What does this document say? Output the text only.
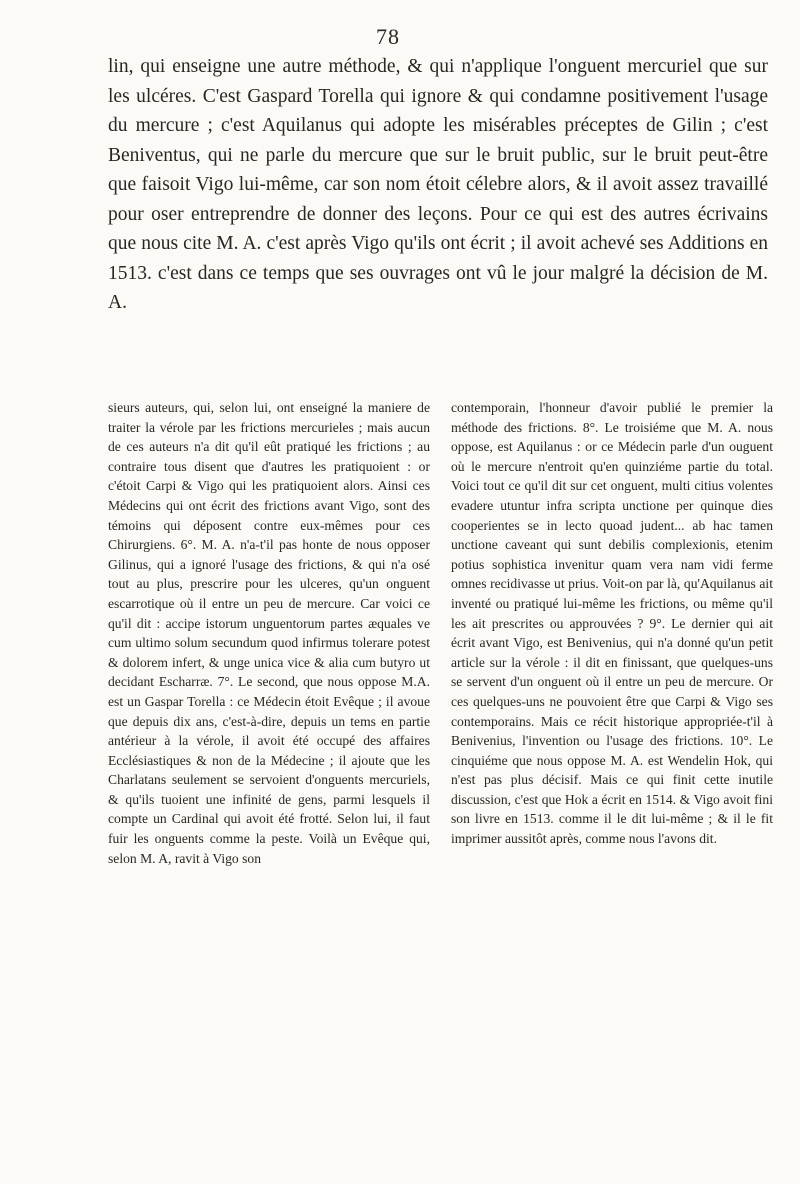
78

lin, qui enseigne une autre méthode, & qui n'applique l'onguent mercuriel que sur les ulcéres. C'est Gaspard Torella qui ignore & qui condamne positivement l'usage du mercure ; c'est Aquilanus qui adopte les misérables préceptes de Gilin ; c'est Beniventus, qui ne parle du mercure que sur le bruit public, sur le bruit peut-être que faisoit Vigo lui-même, car son nom étoit célebre alors, & il avoit assez travaillé pour oser entreprendre de donner des leçons. Pour ce qui est des autres écrivains que nous cite M. A. c'est après Vigo qu'ils ont écrit ; il avoit achevé ses Additions en 1513. c'est dans ce temps que ses ouvrages ont vû le jour malgré la décision de M. A.

sieurs auteurs, qui, selon lui, ont enseigné la maniere de traiter la vérole par les frictions mercurieles ; mais aucun de ces auteurs n'a dit qu'il eût pratiqué les frictions ; au contraire tous disent que d'autres les pratiquoient : or c'étoit Carpi & Vigo qui les pratiquoient alors. Ainsi ces Médecins qui ont écrit des frictions avant Vigo, sont des témoins qui déposent contre eux-mêmes pour ces Chirurgiens. 6°. M. A. n'a-t'il pas honte de nous opposer Gilinus, qui a ignoré l'usage des frictions, & qui n'a osé tout au plus, prescrire pour les ulceres, qu'un onguent escarrotique où il entre un peu de mercure. Car voici ce qu'il dit : accipe istorum unguentorum partes æquales ve cum ultimo solum secundum quod infirmus tolerare potest & dolorem infert, & unge unica vice & alia cum butyro ut decidant Escharræ. 7°. Le second, que nous oppose M.A. est un Gaspar Torella : ce Médecin étoit Evêque ; il avoue que depuis dix ans, c'est-à-dire, depuis un tems en partie antérieur à la vérole, il avoit été occupé des affaires Ecclésiastiques & non de la Médecine ; il ajoute que les Charlatans seulement se servoient d'onguents mercuriels, & qu'ils tuoient une infinité de gens, parmi lesquels il compte un Cardinal qui avoit été frotté. Selon lui, il faut fuir les onguents comme la peste. Voilà un Evêque qui, selon M. A, ravit à Vigo son

contemporain, l'honneur d'avoir publié le premier la méthode des frictions. 8°. Le troisiéme que M. A. nous oppose, est Aquilanus : or ce Médecin parle d'un ouguent où le mercure n'entroit qu'en quinziéme partie du total. Voici tout ce qu'il dit sur cet onguent, multi citius volentes evadere utuntur infra scripta unctione per quinque dies cooperientes se in lecto quoad judent... ab hac tamen unctione caveant qui sunt debilis complexionis, etenim potius sophistica invenitur quam vera nam vidi ferme omnes recidivasse ut prius. Voit-on par là, qu'Aquilanus ait inventé ou pratiqué lui-même les frictions, ou même qu'il les ait prescrites ou approuvées ? 9°. Le dernier qui ait écrit avant Vigo, est Benivenius, qui n'a donné qu'un petit article sur la vérole : il dit en finissant, que quelques-uns se servent d'un onguent où il entre un peu de mercure. Or ces quelques-uns ne pouvoient être que Carpi & Vigo ses contemporains. Mais ce récit historique appropriée-t'il à Benivenius, l'invention ou l'usage des frictions. 10°. Le cinquiéme que nous oppose M. A. est Wendelin Hok, qui n'est pas plus décisif. Mais ce qui finit cette inutile discussion, c'est que Hok a écrit en 1514. & Vigo avoit fini son livre en 1513. comme il le dit lui-même ; & il le fit imprimer aussitôt après, comme nous l'avons dit.
